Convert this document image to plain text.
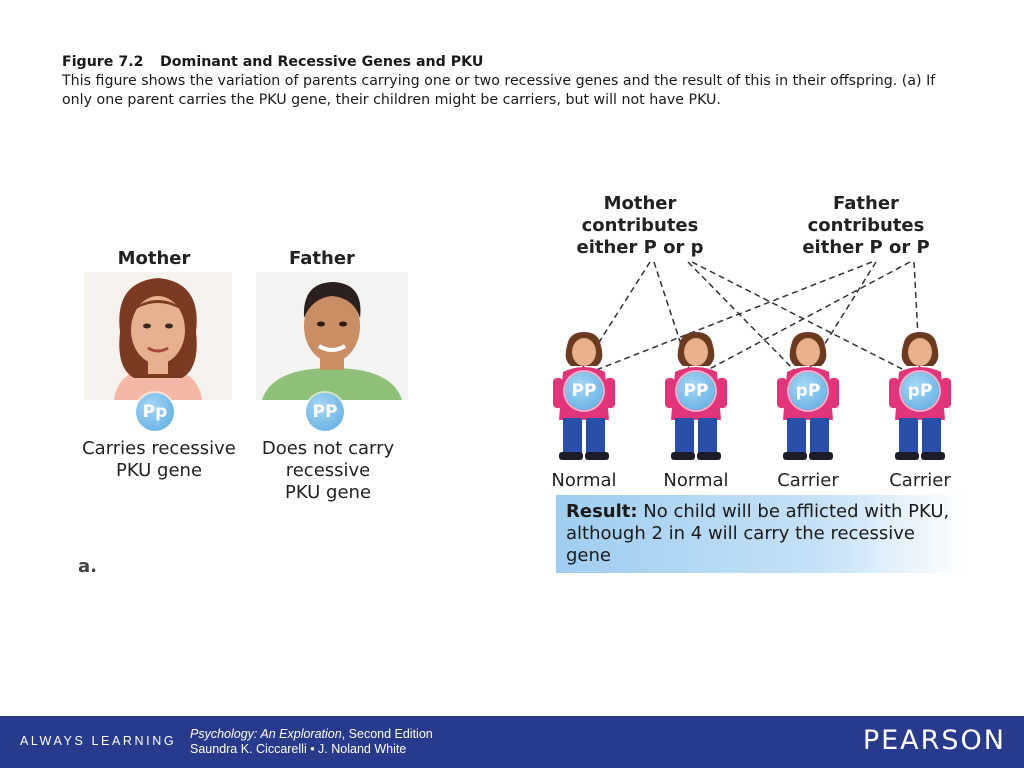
Figure 7.2 Dominant and Recessive Genes and PKU
This figure shows the variation of parents carrying one or two recessive genes and the result of this in their offspring. (a) If only one parent carries the PKU gene, their children might be carriers, but will not have PKU.
Mother	Father
Pp	PP
Carries recessive
PKU gene
Does not carry
recessive
PKU gene
Mother
contributes
either P or p
Father
contributes
either P or P
PP
Normal
PP
Normal
pP
Carrier
pP
Carrier
Result: No child will be afflicted with PKU, although 2 in 4 will carry the recessive gene
a.
ALWAYS LEARNING Psychology: An Exploration, Second Edition
Saundra K. Ciccarelli • J. Noland White	PEARSON
